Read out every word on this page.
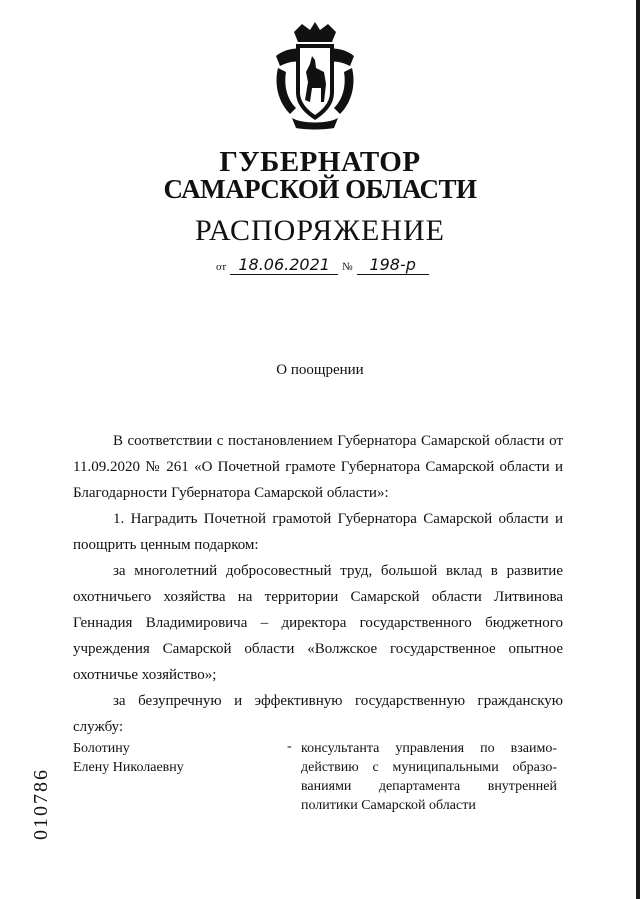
ГУБЕРНАТОР
САМАРСКОЙ ОБЛАСТИ
РАСПОРЯЖЕНИЕ
от 18.06.2021 № 198-р
О поощрении

В соответствии с постановлением Губернатора Самарской области от 11.09.2020 № 261 «О Почетной грамоте Губернатора Самарской области и Благодарности Губернатора Самарской области»:

1. Наградить Почетной грамотой Губернатора Самарской области и поощрить ценным подарком:

за многолетний добросовестный труд, большой вклад в развитие охотничьего хозяйства на территории Самарской области Литвинова Геннадия Владимировича – директора государственного бюджетного учреждения Самарской области «Волжское государственное опытное охотничье хозяйство»;

за безупречную и эффективную государственную гражданскую службу:

Болотину
Елену Николаевну
- консультанта управления по взаимо-действию с муниципальными образо-ваниями департамента внутренней политики Самарской области
010786
